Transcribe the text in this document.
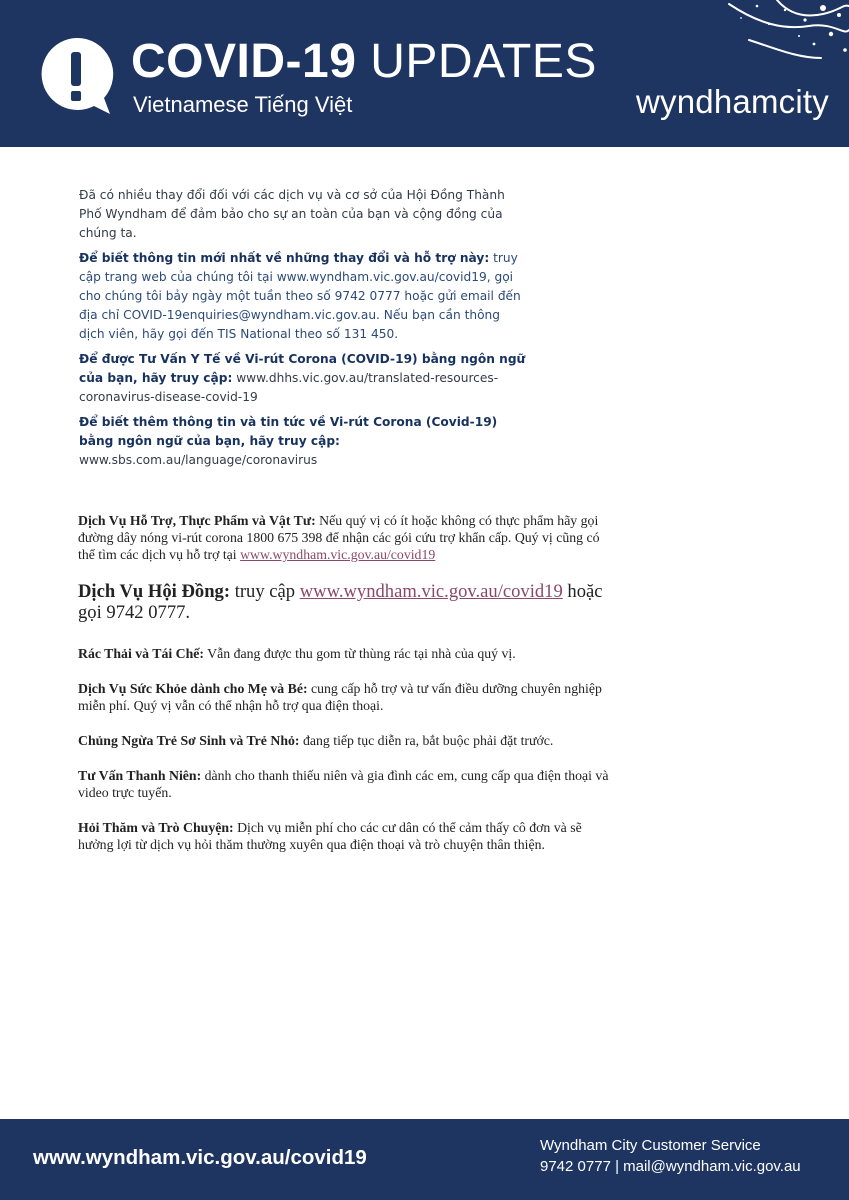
COVID-19 UPDATES
Vietnamese Tiếng Việt	wyndhamcity

Đã có nhiều thay đổi đối với các dịch vụ và cơ sở của Hội Đồng Thành Phố Wyndham để đảm bảo cho sự an toàn của bạn và cộng đồng của chúng ta.

Để biết thông tin mới nhất về những thay đổi và hỗ trợ này: truy cập trang web của chúng tôi tại www.wyndham.vic.gov.au/covid19, gọi cho chúng tôi bảy ngày một tuần theo số 9742 0777 hoặc gửi email đến địa chỉ COVID-19enquiries@wyndham.vic.gov.au. Nếu bạn cần thông dịch viên, hãy gọi đến TIS National theo số 131 450.

Để được Tư Vấn Y Tế về Vi-rút Corona (COVID-19) bằng ngôn ngữ của bạn, hãy truy cập: www.dhhs.vic.gov.au/translated-resources-coronavirus-disease-covid-19

Để biết thêm thông tin và tin tức về Vi-rút Corona (Covid-19) bằng ngôn ngữ của bạn, hãy truy cập: www.sbs.com.au/language/coronavirus

Dịch Vụ Hỗ Trợ, Thực Phẩm và Vật Tư: Nếu quý vị có ít hoặc không có thực phẩm hãy gọi đường dây nóng vi-rút corona 1800 675 398 để nhận các gói cứu trợ khẩn cấp. Quý vị cũng có thể tìm các dịch vụ hỗ trợ tại www.wyndham.vic.gov.au/covid19

Dịch Vụ Hội Đồng: truy cập www.wyndham.vic.gov.au/covid19 hoặc gọi 9742 0777.

Rác Thải và Tái Chế: Vẫn đang được thu gom từ thùng rác tại nhà của quý vị.

Dịch Vụ Sức Khỏe dành cho Mẹ và Bé: cung cấp hỗ trợ và tư vấn điều dưỡng chuyên nghiệp miễn phí. Quý vị vẫn có thể nhận hỗ trợ qua điện thoại.

Chủng Ngừa Trẻ Sơ Sinh và Trẻ Nhỏ: đang tiếp tục diễn ra, bắt buộc phải đặt trước.

Tư Vấn Thanh Niên: dành cho thanh thiếu niên và gia đình các em, cung cấp qua điện thoại và video trực tuyến.

Hỏi Thăm và Trò Chuyện: Dịch vụ miễn phí cho các cư dân có thể cảm thấy cô đơn và sẽ hưởng lợi từ dịch vụ hỏi thăm thường xuyên qua điện thoại và trò chuyện thân thiện.

www.wyndham.vic.gov.au/covid19
Wyndham City Customer Service
9742 0777 | mail@wyndham.vic.gov.au
